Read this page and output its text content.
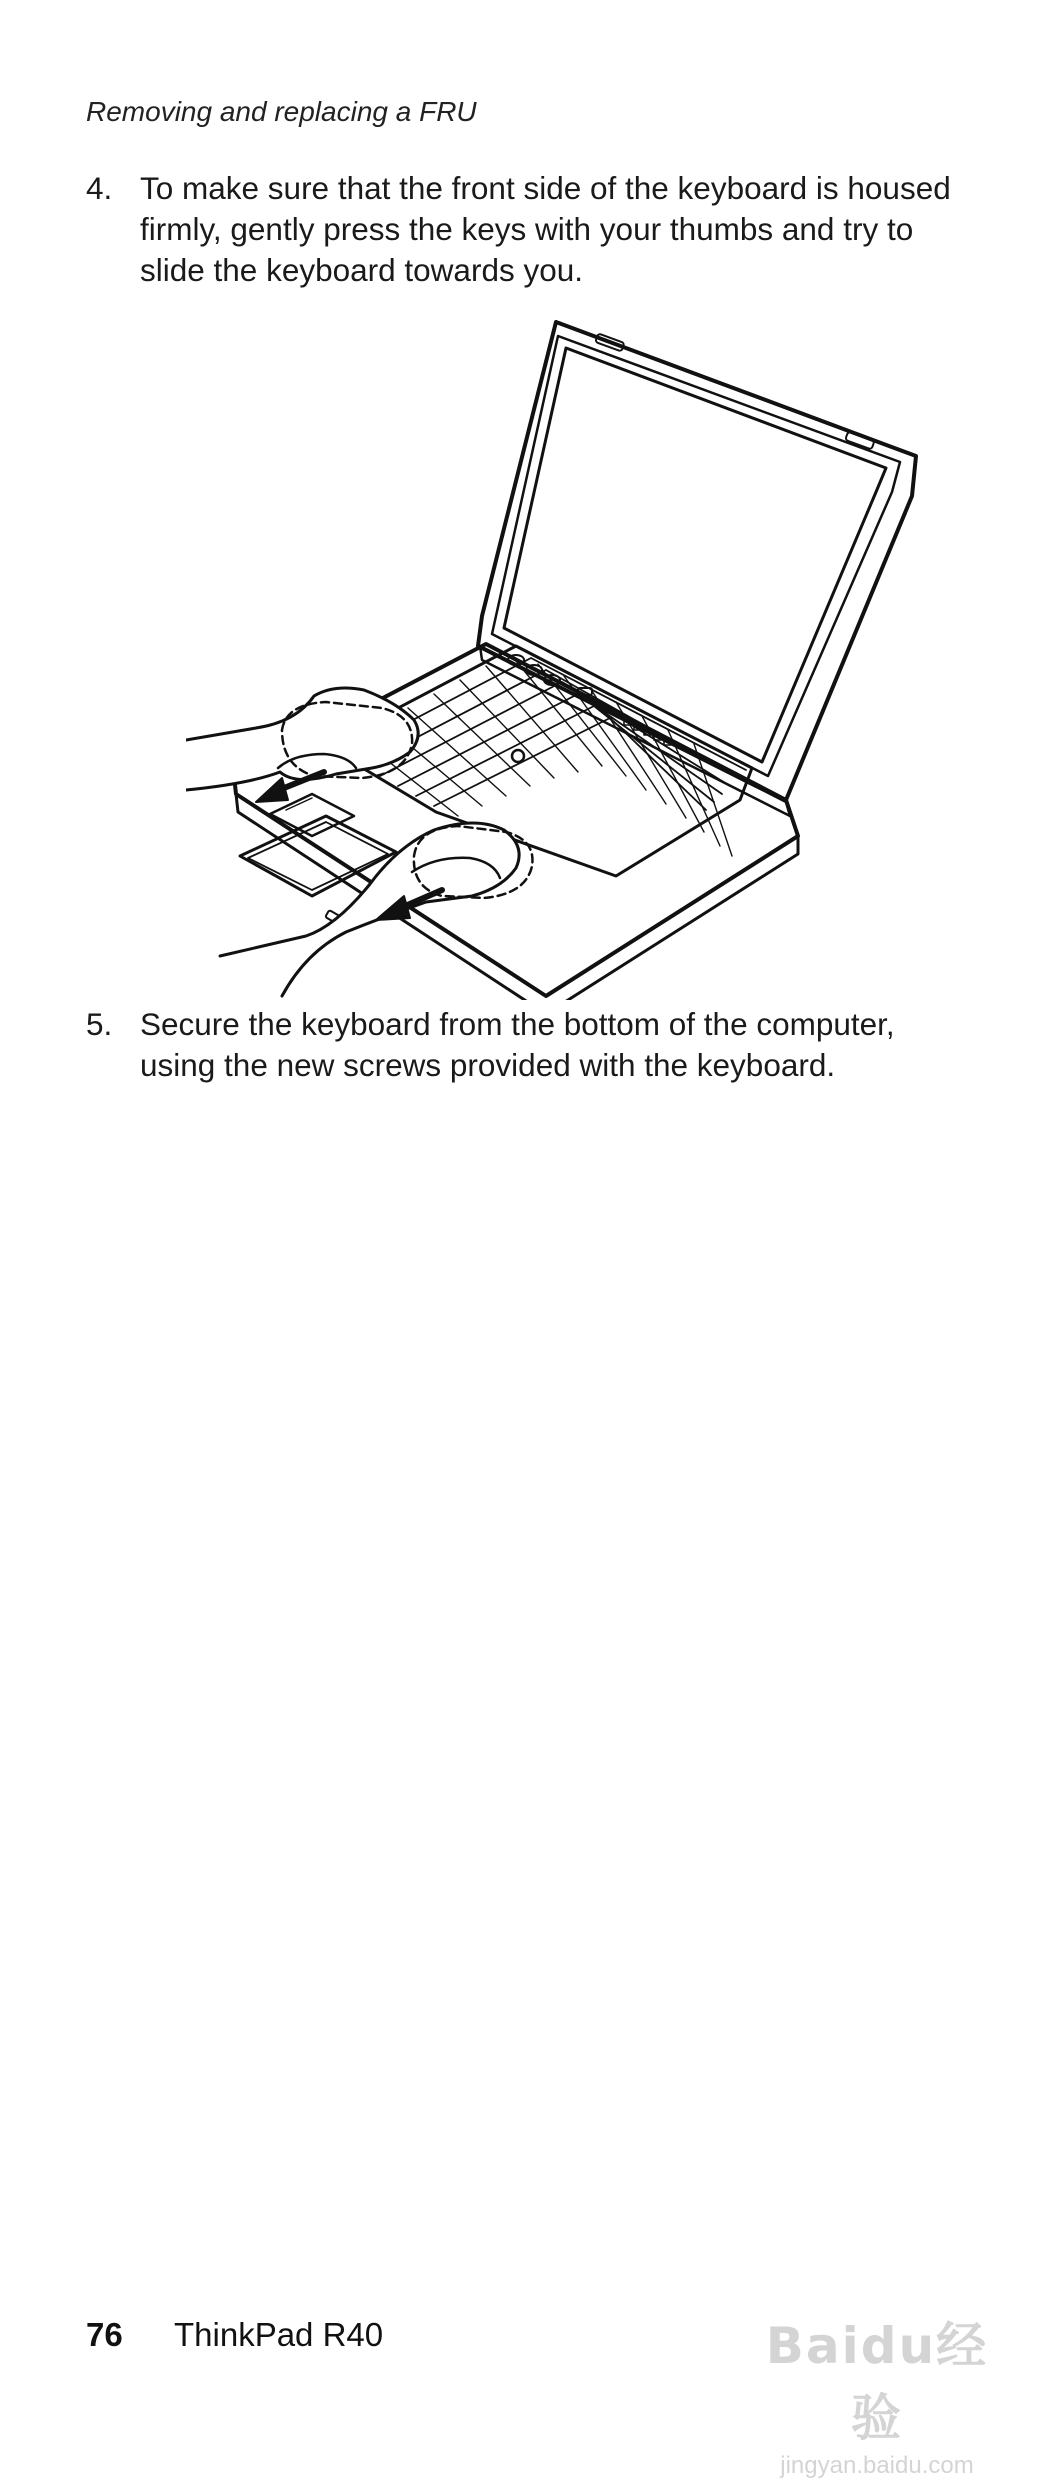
Removing and replacing a FRU
4. To make sure that the front side of the keyboard is housed firmly, gently press the keys with your thumbs and try to slide the keyboard towards you.
5. Secure the keyboard from the bottom of the computer, using the new screws provided with the keyboard.
76 ThinkPad R40	Baidu经验
jingyan.baidu.com
